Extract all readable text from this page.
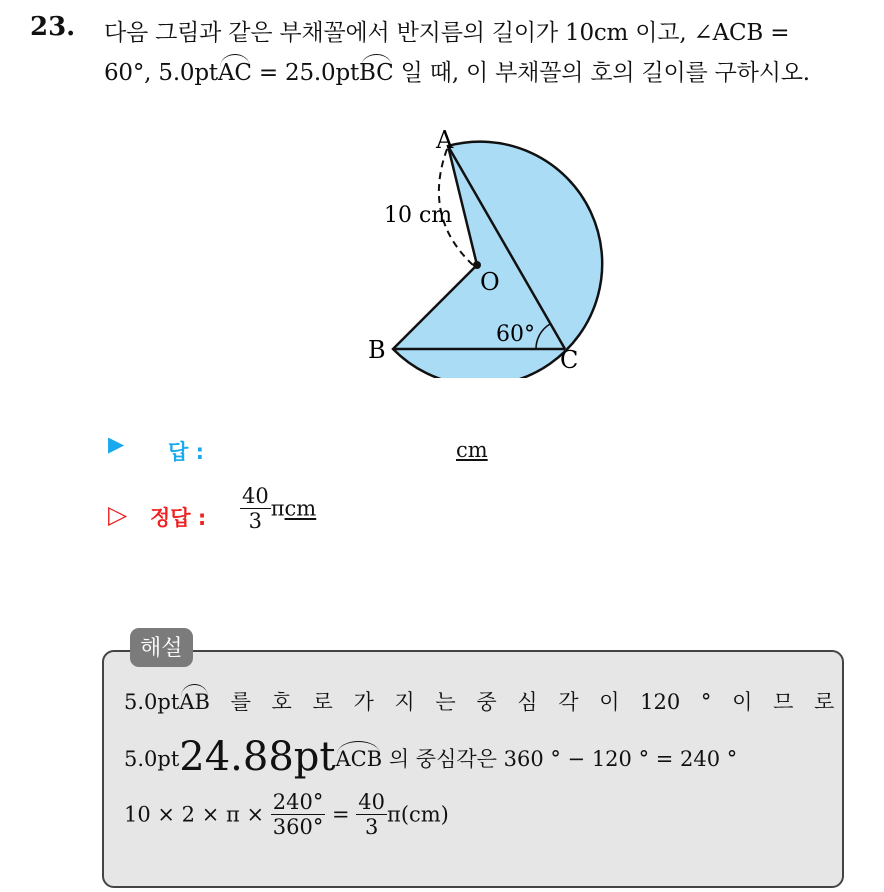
23. 다음 그림과 같은 부채꼴에서 반지름의 길이가 10cm 이고, ∠ACB =
60°, 5.0ptAC = 25.0ptBC 일 때, 이 부채꼴의 호의 길이를 구하시오.
A
O
B	C
10 cm
60°
▶ 답 :	cm
▷ 정답 : $\frac{40}{3}$ πcm
해설
5.0ptAB 를 호 로 가 지 는 중 심 각 이 120 ° 이 므 로
5.0pt24.88ptACB 의 중심각은 360 ° − 120 ° = 240 °
$10 \times 2 \times \pi \times \frac{240^\circ}{360^\circ} = \frac{40}{3} \pi(cm)$
